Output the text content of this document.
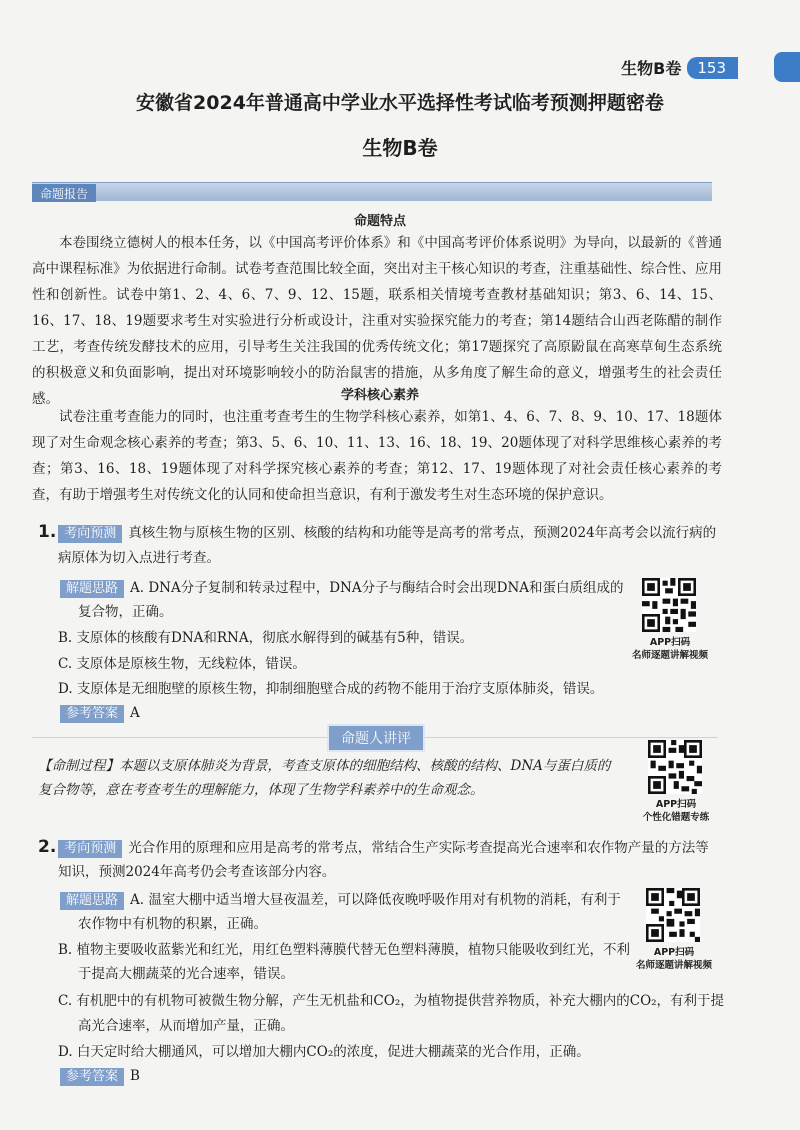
生物B卷	153
安徽省2024年普通高中学业水平选择性考试临考预测押题密卷
生物B卷
命题报告
命题特点

本卷围绕立德树人的根本任务，以《中国高考评价体系》和《中国高考评价体系说明》为导向，以最新的《普通高中课程标准》为依据进行命制。试卷考查范围比较全面，突出对主干核心知识的考查，注重基础性、综合性、应用性和创新性。试卷中第1、2、4、6、7、9、12、15题，联系相关情境考查教材基础知识；第3、6、14、15、16、17、18、19题要求考生对实验进行分析或设计，注重对实验探究能力的考查；第14题结合山西老陈醋的制作工艺，考查传统发酵技术的应用，引导考生关注我国的优秀传统文化；第17题探究了高原鼢鼠在高寒草甸生态系统的积极意义和负面影响，提出对环境影响较小的防治鼠害的措施，从多角度了解生命的意义，增强考生的社会责任感。	学科核心素养

试卷注重考查能力的同时，也注重考查考生的生物学科核心素养，如第1、4、6、7、8、9、10、17、18题体现了对生命观念核心素养的考查；第3、5、6、10、11、13、16、18、19、20题体现了对科学思维核心素养的考查；第3、16、18、19题体现了对科学探究核心素养的考查；第12、17、19题体现了对社会责任核心素养的考查，有助于增强考生对传统文化的认同和使命担当意识，有利于激发考生对生态环境的保护意识。

1. 考向预测 真核生物与原核生物的区别、核酸的结构和功能等是高考的常考点，预测2024年高考会以流行病的
病原体为切入点进行考查。
解题思路 A. DNA分子复制和转录过程中，DNA分子与酶结合时会出现DNA和蛋白质组成的
复合物，正确。
B. 支原体的核酸有DNA和RNA，彻底水解得到的碱基有5种，错误。
C. 支原体是原核生物，无线粒体，错误。
D. 支原体是无细胞壁的原核生物，抑制细胞壁合成的药物不能用于治疗支原体肺炎，错误。
参考答案 A
APP扫码
名师逐题讲解视频
命题人讲评
【命制过程】本题以支原体肺炎为背景，考查支原体的细胞结构、核酸的结构、DNA与蛋白质的
复合物等，意在考查考生的理解能力，体现了生物学科素养中的生命观念。
APP扫码
个性化错题专练
2. 考向预测 光合作用的原理和应用是高考的常考点，常结合生产实际考查提高光合速率和农作物产量的方法等
知识，预测2024年高考仍会考查该部分内容。
解题思路 A. 温室大棚中适当增大昼夜温差，可以降低夜晚呼吸作用对有机物的消耗，有利于
农作物中有机物的积累，正确。
B. 植物主要吸收蓝紫光和红光，用红色塑料薄膜代替无色塑料薄膜，植物只能吸收到红光，不利
于提高大棚蔬菜的光合速率，错误。
C. 有机肥中的有机物可被微生物分解，产生无机盐和CO₂，为植物提供营养物质，补充大棚内的CO₂，有利于提
高光合速率，从而增加产量，正确。
D. 白天定时给大棚通风，可以增加大棚内CO₂的浓度，促进大棚蔬菜的光合作用，正确。
参考答案 B
APP扫码
名师逐题讲解视频
